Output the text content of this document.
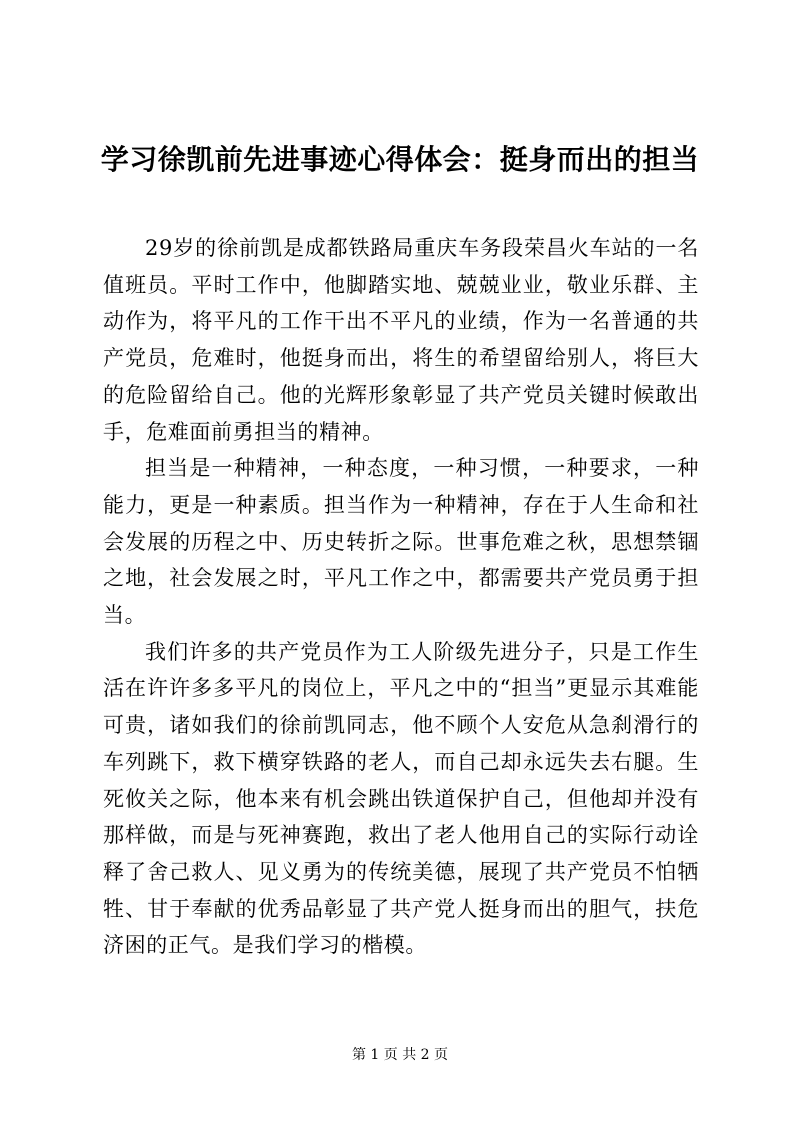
学习徐凯前先进事迹心得体会：挺身而出的担当

29岁的徐前凯是成都铁路局重庆车务段荣昌火车站的一名值班员。平时工作中，他脚踏实地、兢兢业业，敬业乐群、主动作为，将平凡的工作干出不平凡的业绩，作为一名普通的共产党员，危难时，他挺身而出，将生的希望留给别人，将巨大的危险留给自己。他的光辉形象彰显了共产党员关键时候敢出手，危难面前勇担当的精神。

担当是一种精神，一种态度，一种习惯，一种要求，一种能力，更是一种素质。担当作为一种精神，存在于人生命和社会发展的历程之中、历史转折之际。世事危难之秋，思想禁锢之地，社会发展之时，平凡工作之中，都需要共产党员勇于担当。

我们许多的共产党员作为工人阶级先进分子，只是工作生活在许许多多平凡的岗位上，平凡之中的“担当”更显示其难能可贵，诸如我们的徐前凯同志，他不顾个人安危从急刹滑行的车列跳下，救下横穿铁路的老人，而自己却永远失去右腿。生死攸关之际，他本来有机会跳出铁道保护自己，但他却并没有那样做，而是与死神赛跑，救出了老人他用自己的实际行动诠释了舍己救人、见义勇为的传统美德，展现了共产党员不怕牺牲、甘于奉献的优秀品彰显了共产党人挺身而出的胆气，扶危济困的正气。是我们学习的楷模。

第 1 页 共 2 页
